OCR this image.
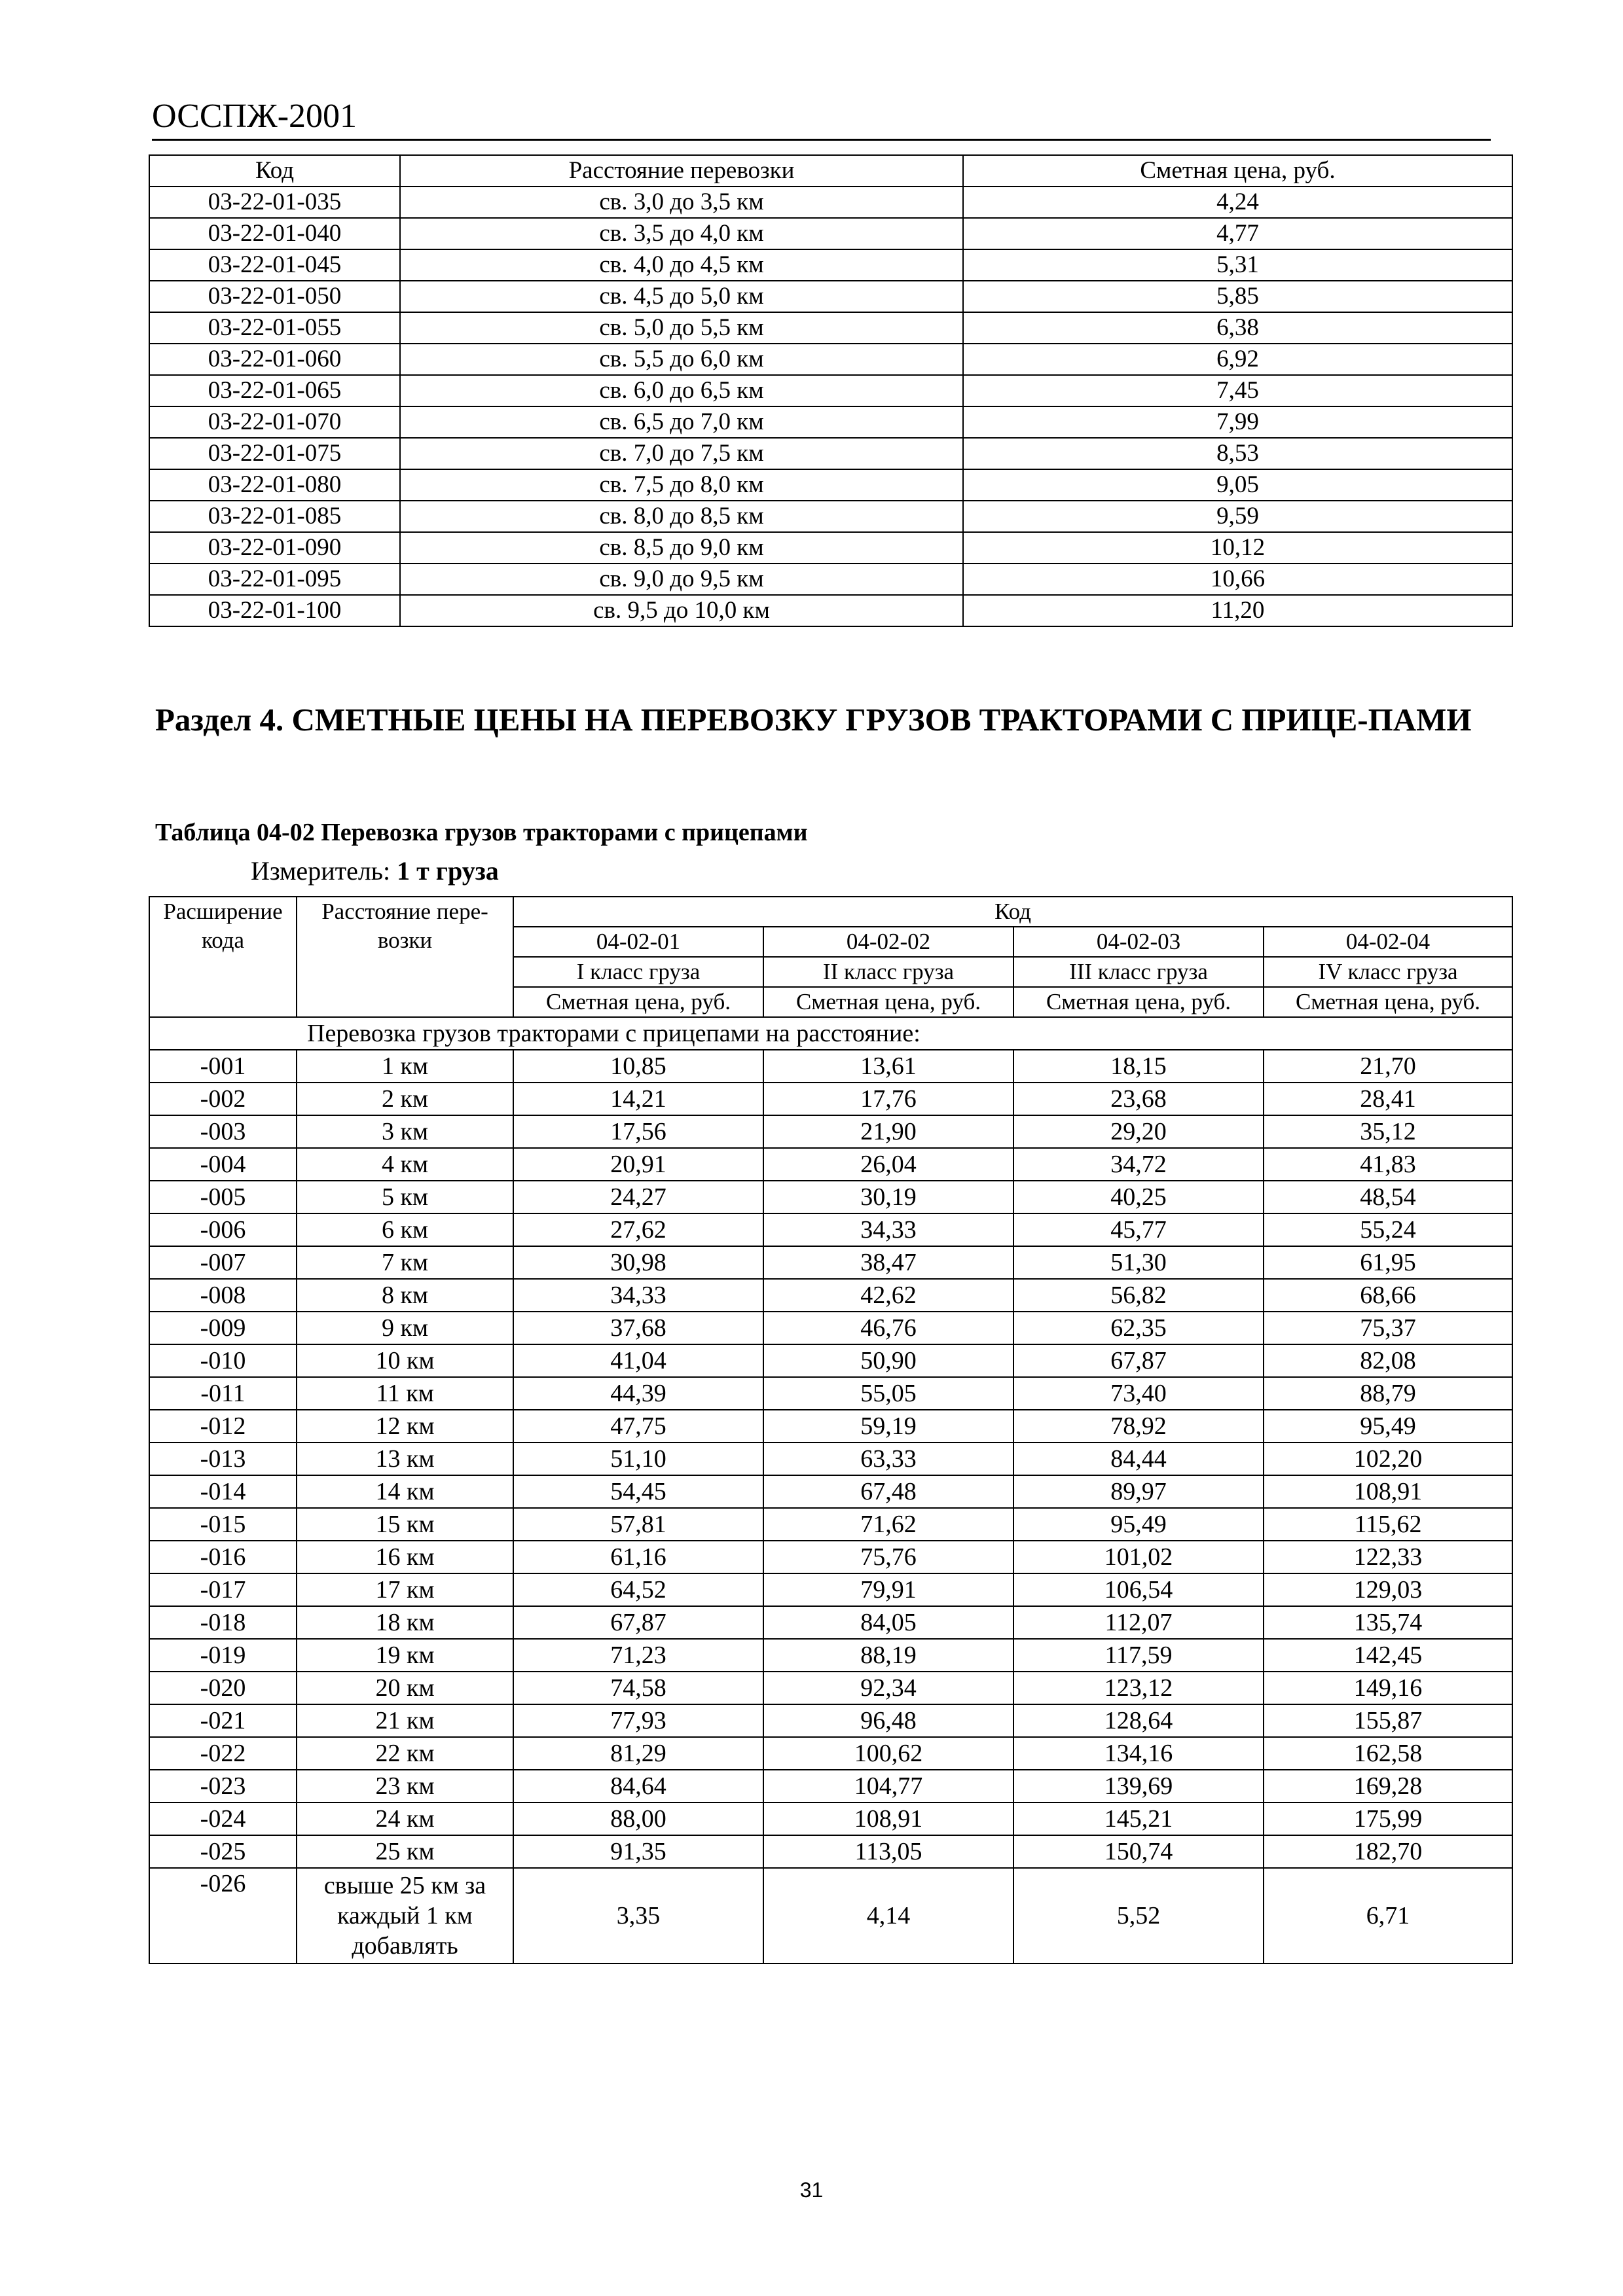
ОССПЖ-2001
Код	Расстояние перевозки	Сметная цена, руб.
03-22-01-035	св. 3,0 до 3,5 км	4,24
03-22-01-040	св. 3,5 до 4,0 км	4,77
03-22-01-045	св. 4,0 до 4,5 км	5,31
03-22-01-050	св. 4,5 до 5,0 км	5,85
03-22-01-055	св. 5,0 до 5,5 км	6,38
03-22-01-060	св. 5,5 до 6,0 км	6,92
03-22-01-065	св. 6,0 до 6,5 км	7,45
03-22-01-070	св. 6,5 до 7,0 км	7,99
03-22-01-075	св. 7,0 до 7,5 км	8,53
03-22-01-080	св. 7,5 до 8,0 км	9,05
03-22-01-085	св. 8,0 до 8,5 км	9,59
03-22-01-090	св. 8,5 до 9,0 км	10,12
03-22-01-095	св. 9,0 до 9,5 км	10,66
03-22-01-100	св. 9,5 до 10,0 км	11,20
Раздел 4. СМЕТНЫЕ ЦЕНЫ НА ПЕРЕВОЗКУ ГРУЗОВ ТРАКТОРАМИ С ПРИЦЕ-ПАМИ
Таблица 04-02 Перевозка грузов тракторами с прицепами
Измеритель: 1 т груза
Расширение кода	Расстояние пере-возки	Код			
		04-02-01	04-02-02	04-02-03	04-02-04
		I класс груза	II класс груза	III класс груза	IV класс груза
		Сметная цена, руб.	Сметная цена, руб.	Сметная цена, руб.	Сметная цена, руб.
Перевозка грузов тракторами с прицепами на расстояние:					
-001	1 км	10,85	13,61	18,15	21,70
-002	2 км	14,21	17,76	23,68	28,41
-003	3 км	17,56	21,90	29,20	35,12
-004	4 км	20,91	26,04	34,72	41,83
-005	5 км	24,27	30,19	40,25	48,54
-006	6 км	27,62	34,33	45,77	55,24
-007	7 км	30,98	38,47	51,30	61,95
-008	8 км	34,33	42,62	56,82	68,66
-009	9 км	37,68	46,76	62,35	75,37
-010	10 км	41,04	50,90	67,87	82,08
-011	11 км	44,39	55,05	73,40	88,79
-012	12 км	47,75	59,19	78,92	95,49
-013	13 км	51,10	63,33	84,44	102,20
-014	14 км	54,45	67,48	89,97	108,91
-015	15 км	57,81	71,62	95,49	115,62
-016	16 км	61,16	75,76	101,02	122,33
-017	17 км	64,52	79,91	106,54	129,03
-018	18 км	67,87	84,05	112,07	135,74
-019	19 км	71,23	88,19	117,59	142,45
-020	20 км	74,58	92,34	123,12	149,16
-021	21 км	77,93	96,48	128,64	155,87
-022	22 км	81,29	100,62	134,16	162,58
-023	23 км	84,64	104,77	139,69	169,28
-024	24 км	88,00	108,91	145,21	175,99
-025	25 км	91,35	113,05	150,74	182,70
-026	свыше 25 км за каждый 1 км добавлять	3,35	4,14	5,52	6,71
31
